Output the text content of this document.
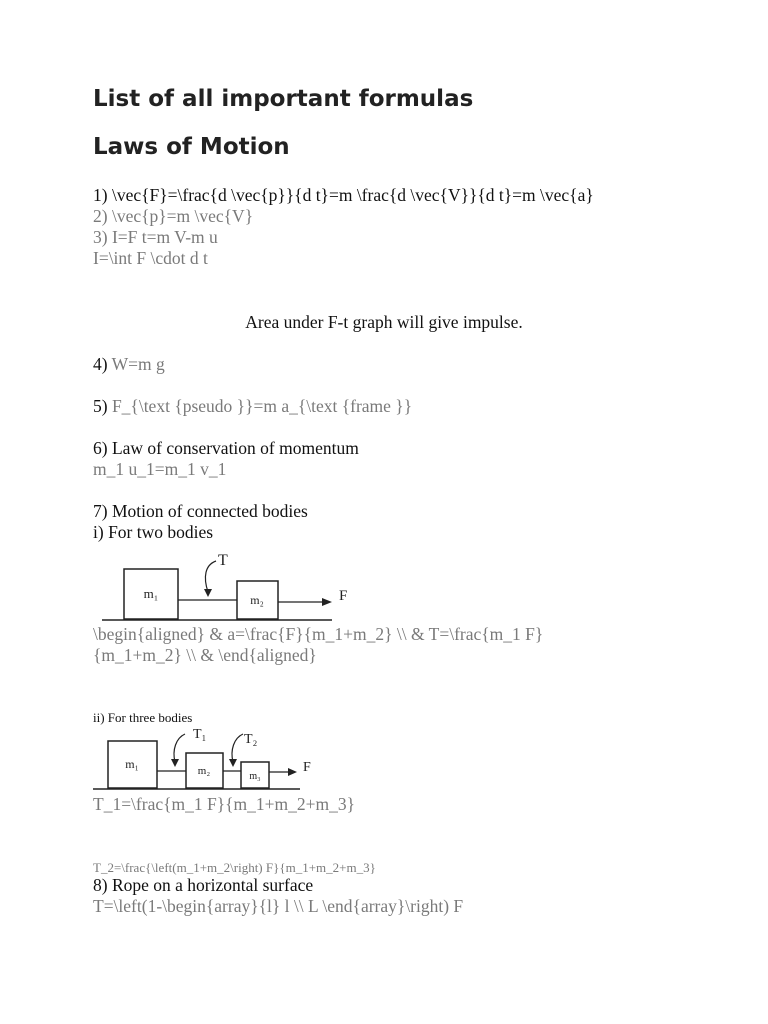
List of all important formulas
Laws of Motion
1) \vec{F}=\frac{d \vec{p}}{d t}=m \frac{d \vec{V}}{d t}=m \vec{a}
2) \vec{p}=m \vec{V}
3) I=F t=m V-m u
I=\int F \cdot d t
Area under F-t graph will give impulse.
4) W=m g
5) F_{\text {pseudo }}=m a_{\text {frame }}
6) Law of conservation of momentum
m_1 u_1=m_1 v_1
7) Motion of connected bodies
i) For two bodies
m₁	m₂	F
T
\begin{aligned} & a=\frac{F}{m_1+m_2} \\ & T=\frac{m_1 F}
{m_1+m_2} \\ & \end{aligned}
ii) For three bodies
m₁	m₂	m₃
F
T₁	T₂
T_1=\frac{m_1 F}{m_1+m_2+m_3}
T_2=\frac{\left(m_1+m_2\right) F}{m_1+m_2+m_3}
8) Rope on a horizontal surface
T=\left(1-\begin{array}{l} l \\ L \end{array}\right) F
